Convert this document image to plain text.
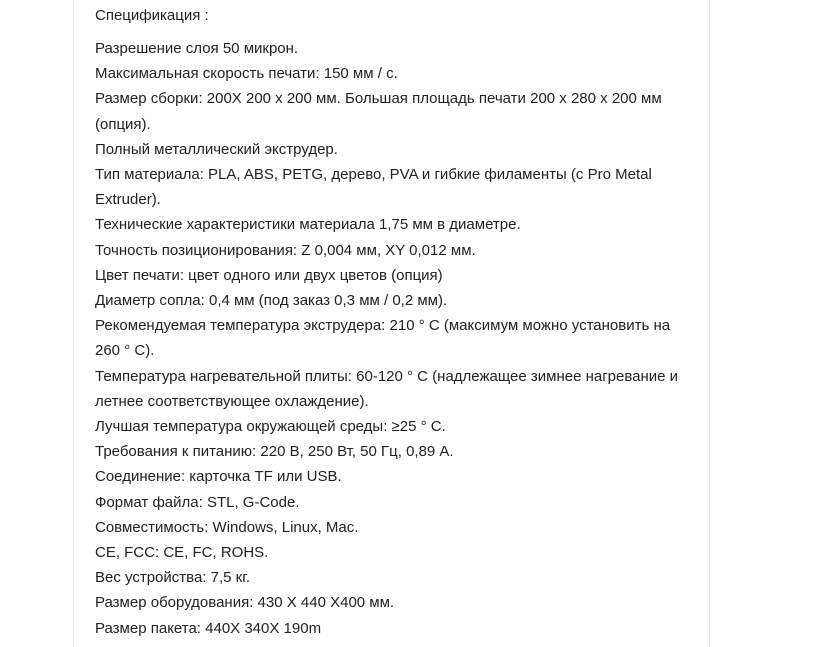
Спецификация :
Разрешение слоя 50 микрон.
Максимальная скорость печати: 150 мм / с.
Размер сборки: 200X 200 x 200 мм. Большая площадь печати 200 x 280 x 200 мм (опция).
Полный металлический экструдер.
Тип материала: PLA, ABS, PETG, дерево, PVA и гибкие филаменты (с Pro Metal Extruder).
Технические характеристики материала 1,75 мм в диаметре.
Точность позиционирования: Z 0,004 мм, XY 0,012 мм.
Цвет печати: цвет одного или двух цветов (опция)
Диаметр сопла: 0,4 мм (под заказ 0,3 мм / 0,2 мм).
Рекомендуемая температура экструдера: 210 ° C (максимум можно установить на 260 ° C).
Температура нагревательной плиты: 60-120 ° C (надлежащее зимнее нагревание и летнее соответствующее охлаждение).
Лучшая температура окружающей среды: ≥25 ° C.
Требования к питанию: 220 В, 250 Вт, 50 Гц, 0,89 А.
Соединение: карточка TF или USB.
Формат файла: STL, G-Code.
Совместимость: Windows, Linux, Mac.
CE, FCC: CE, FC, ROHS.
Вес устройства: 7,5 кг.
Размер оборудования: 430 X 440 X400 мм.
Размер пакета: 440X 340X 190m
